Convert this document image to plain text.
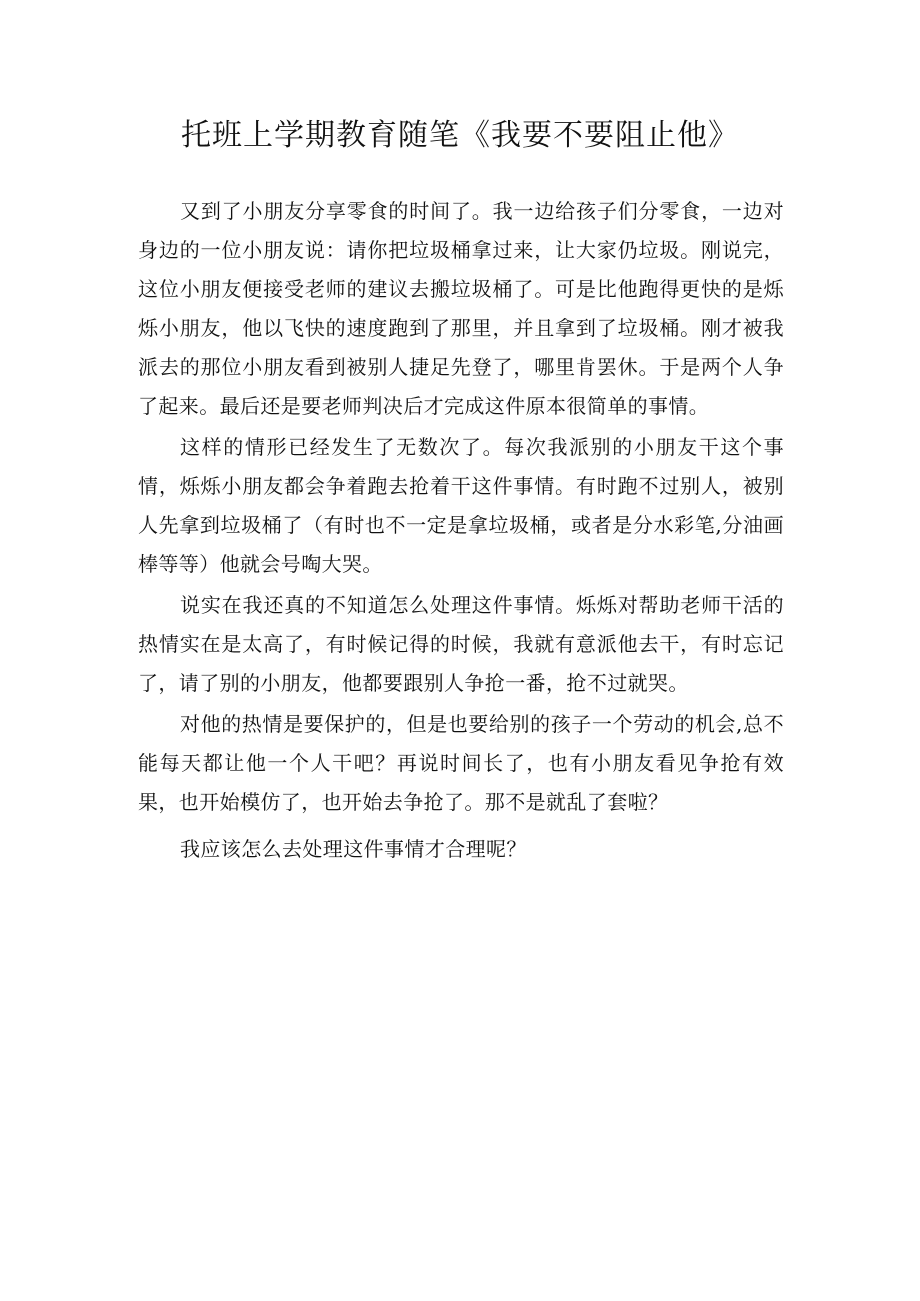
托班上学期教育随笔《我要不要阻止他》

又到了小朋友分享零食的时间了。我一边给孩子们分零食，一边对身边的一位小朋友说：请你把垃圾桶拿过来，让大家仍垃圾。刚说完，这位小朋友便接受老师的建议去搬垃圾桶了。可是比他跑得更快的是烁烁小朋友，他以飞快的速度跑到了那里，并且拿到了垃圾桶。刚才被我派去的那位小朋友看到被别人捷足先登了，哪里肯罢休。于是两个人争了起来。最后还是要老师判决后才完成这件原本很简单的事情。

这样的情形已经发生了无数次了。每次我派别的小朋友干这个事情，烁烁小朋友都会争着跑去抢着干这件事情。有时跑不过别人，被别人先拿到垃圾桶了（有时也不一定是拿垃圾桶，或者是分水彩笔,分油画棒等等）他就会号啕大哭。

说实在我还真的不知道怎么处理这件事情。烁烁对帮助老师干活的热情实在是太高了，有时候记得的时候，我就有意派他去干，有时忘记了，请了别的小朋友，他都要跟别人争抢一番，抢不过就哭。

对他的热情是要保护的，但是也要给别的孩子一个劳动的机会,总不能每天都让他一个人干吧？再说时间长了，也有小朋友看见争抢有效果，也开始模仿了，也开始去争抢了。那不是就乱了套啦？

我应该怎么去处理这件事情才合理呢？
